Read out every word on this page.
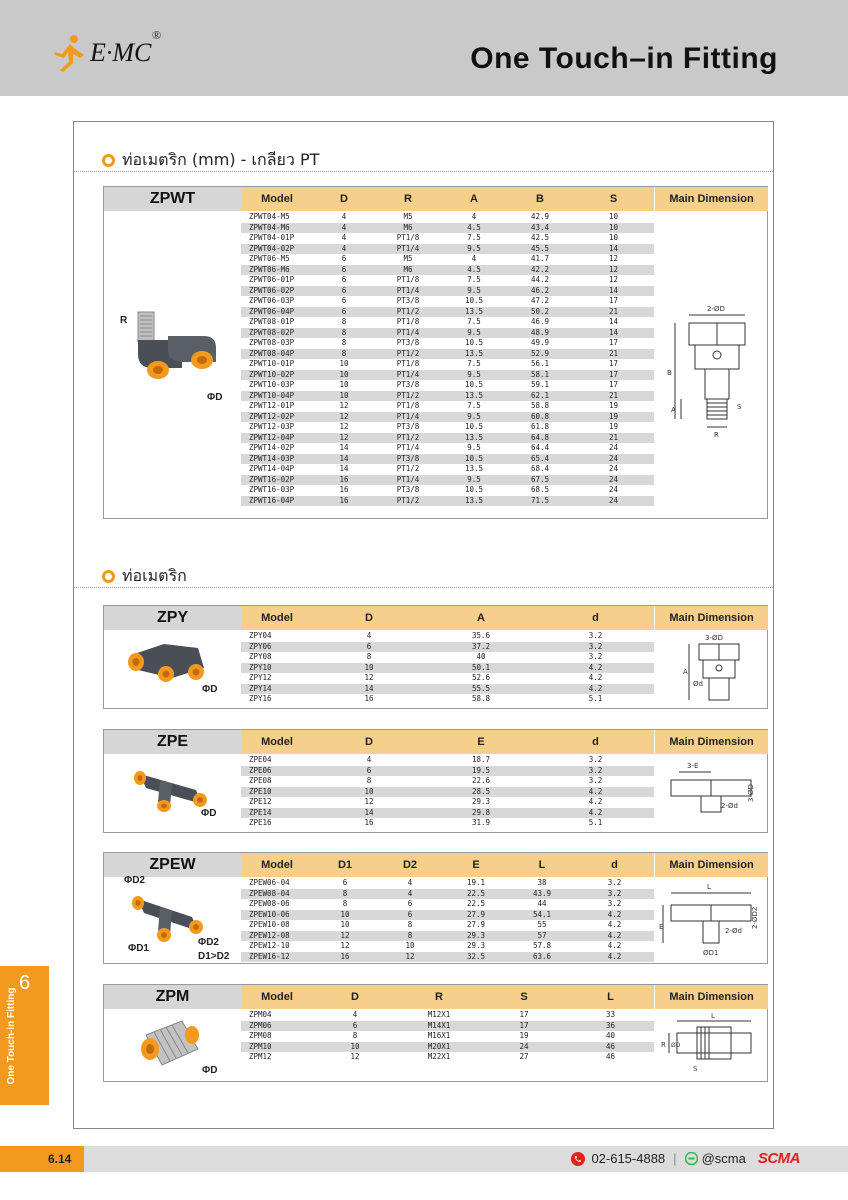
E·MC
®
One Touch–in Fitting
ท่อเมตริก (mm) - เกลียว PT
ZPWT	Model	D	R	A	B	S	Main Dimension
ZPWT04-M5	4	M5	4	42.9	10
ZPWT04-M6	4	M6	4.5	43.4	10
ZPWT04-01P	4	PT1/8	7.5	42.5	10
ZPWT04-02P	4	PT1/4	9.5	45.5	14
ZPWT06-M5	6	M5	4	41.7	12
ZPWT06-M6	6	M6	4.5	42.2	12
ZPWT06-01P	6	PT1/8	7.5	44.2	12
ZPWT06-02P	6	PT1/4	9.5	46.2	14
ZPWT06-03P	6	PT3/8	10.5	47.2	17
ZPWT06-04P	6	PT1/2	13.5	50.2	21
ZPWT08-01P	8	PT1/8	7.5	46.9	14
ZPWT08-02P	8	PT1/4	9.5	48.9	14
ZPWT08-03P	8	PT3/8	10.5	49.9	17
ZPWT08-04P	8	PT1/2	13.5	52.9	21
ZPWT10-01P	10	PT1/8	7.5	56.1	17
ZPWT10-02P	10	PT1/4	9.5	58.1	17
ZPWT10-03P	10	PT3/8	10.5	59.1	17
ZPWT10-04P	10	PT1/2	13.5	62.1	21
ZPWT12-01P	12	PT1/8	7.5	58.8	19
ZPWT12-02P	12	PT1/4	9.5	60.8	19
ZPWT12-03P	12	PT3/8	10.5	61.8	19
ZPWT12-04P	12	PT1/2	13.5	64.8	21
ZPWT14-02P	14	PT1/4	9.5	64.4	24
ZPWT14-03P	14	PT3/8	10.5	65.4	24
ZPWT14-04P	14	PT1/2	13.5	68.4	24
ZPWT16-02P	16	PT1/4	9.5	67.5	24
ZPWT16-03P	16	PT3/8	10.5	68.5	24
ZPWT16-04P	16	PT1/2	13.5	71.5	24
R
ΦD
2-ØD
B
A	S
R
ท่อเมตริก
ZPY	Model	D	A	d	Main Dimension
ZPY04	4	35.6	3.2
ZPY06	6	37.2	3.2
ZPY08	8	40	3.2
ZPY10	10	50.1	4.2
ZPY12	12	52.6	4.2
ZPY14	14	55.5	4.2
ZPY16	16	58.8	5.1
ΦD
3-ØD
A
Ød
ZPE	Model	D	E	d	Main Dimension
ZPE04	4	18.7	3.2
ZPE06	6	19.5	3.2
ZPE08	8	22.6	3.2
ZPE10	10	28.5	4.2
ZPE12	12	29.3	4.2
ZPE14	14	29.8	4.2
ZPE16	16	31.9	5.1
ΦD
3-E
3-ØD
2-Ød
ZPEW	Model	D1	D2	E	L	d	Main Dimension
ZPEW06-04	6	4	19.1	38	3.2
ZPEW08-04	8	4	22.5	43.9	3.2
ZPEW08-06	8	6	22.5	44	3.2
ZPEW10-06	10	6	27.9	54.1	4.2
ZPEW10-08	10	8	27.9	55	4.2
ZPEW12-08	12	8	29.3	57	4.2
ZPEW12-10	12	10	29.3	57.8	4.2
ZPEW16-12	16	12	32.5	63.6	4.2
ΦD2
ΦD1
ΦD2
D1>D2
L
2-ØD2
E	2-Ød
ØD1
ZPM	Model	D	R	S	L	Main Dimension
ZPM04	4	M12X1	17	33
ZPM06	6	M14X1	17	36
ZPM08	8	M16X1	19	40
ZPM10	10	M20X1	24	46
ZPM12	12	M22X1	27	46
ΦD
L
R ØD
S
6
One Touch-in Fitting
6.14	02-615-4888 | @scma SCMA
